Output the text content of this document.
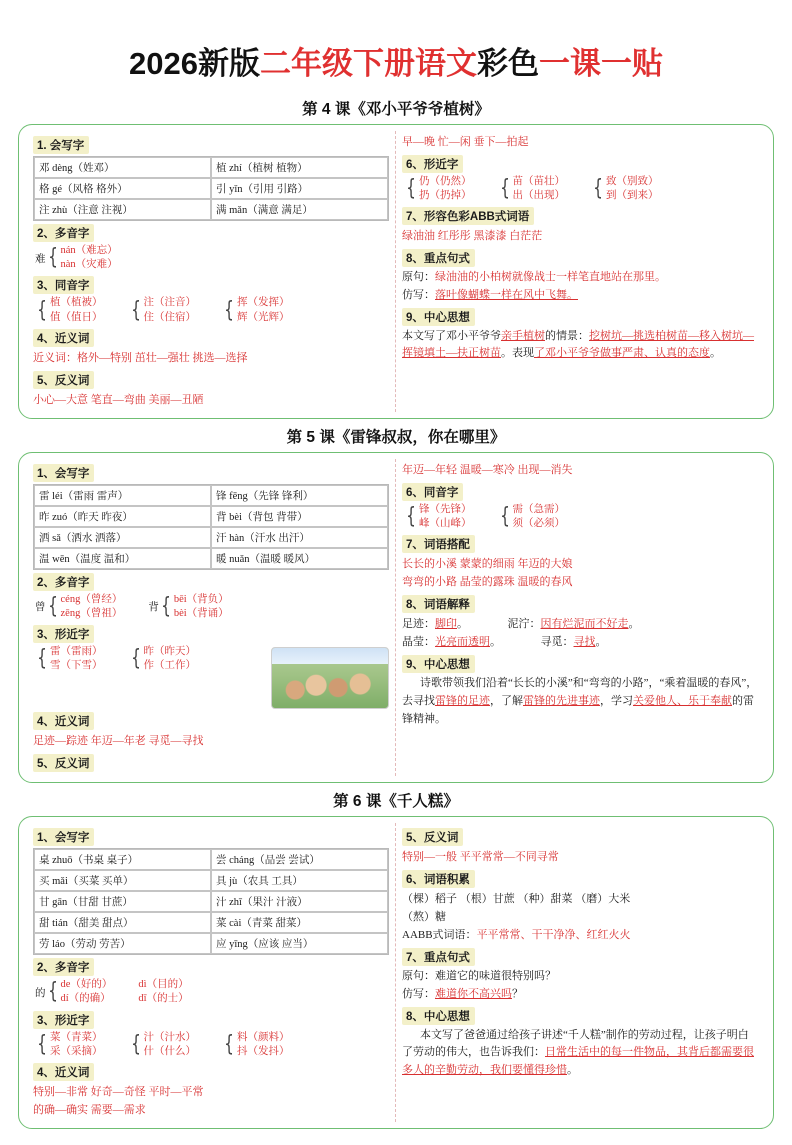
2026新版二年级下册语文彩色一课一贴
第 4 课《邓小平爷爷植树》
1. 会写字
邓 dèng（姓邓）	植 zhí（植树 植物）
格 gé（风格 格外）	引 yǐn（引用 引路）
注 zhù（注意 注视）	满 mǎn（满意 满足）
2、多音字
难 { nán（难忘）
nàn（灾难）
3、同音字
{ 植（植被）
值（值日） { 注（注音）
住（住宿） { 挥（发挥）
辉（光辉）
4、近义词
近义词：格外—特别 茁壮—强壮 挑选—选择
5、反义词
小心—大意 笔直—弯曲 美丽—丑陋
早—晚 忙—闲 垂下—拍起
6、形近字
{ 仍（仍然）
扔（扔掉） { 苗（苗壮）
出（出现） { 致（别致）
到（到来）
7、形容色彩ABB式词语
绿油油 红彤彤 黑漆漆 白茫茫
8、重点句式
原句：绿油油的小柏树就像战士一样笔直地站在那里。
仿写：落叶像蝴蝶一样在风中飞舞。
9、中心思想
本文写了邓小平爷爷亲手植树的情景：挖树坑—挑选柏树苗—移入树坑—挥镜填土—扶正树苗。表现了邓小平爷爷做事严肃、认真的态度。
第 5 课《雷锋叔叔，你在哪里》
1、会写字
雷 léi（雷雨 雷声）	锋 fēng（先锋 锋利）
昨 zuó（昨天 昨夜）	背 bèi（背包 背带）
洒 sǎ（洒水 洒落）	汗 hàn（汗水 出汗）
温 wēn（温度 温和）	暖 nuǎn（温暖 暖风）
2、多音字
曾 { céng（曾经）
zēng（曾祖） 背 { bēi（背负）
bèi（背诵）
3、形近字
{ 雷（雷雨）
雪（下雪） { 昨（昨天）
作（工作）
4、近义词
足迹—踪迹 年迈—年老 寻觅—寻找
5、反义词
年迈—年轻 温暖—寒冷 出现—消失
6、同音字
{ 锋（先锋）
峰（山峰） { 需（急需）
须（必须）
7、词语搭配
长长的小溪 蒙蒙的细雨 年迈的大娘
弯弯的小路 晶莹的露珠 温暖的春风
8、词语解释
足迹：脚印。	泥泞：因有烂泥而不好走。
晶莹：光亮而透明。	寻觅：寻找。
9、中心思想
诗歌带领我们沿着“长长的小溪”和“弯弯的小路”，“乘着温暖的春风”，去寻找雷锋的足迹，了解雷锋的先进事迹，学习关爱他人、乐于奉献的雷锋精神。
第 6 课《千人糕》
1、会写字
桌 zhuō（书桌 桌子）	尝 cháng（品尝 尝试）
买 mǎi（买菜 买单）	具 jù（农具 工具）
甘 gān（甘甜 甘蔗）	汁 zhī（果汁 汁液）
甜 tián（甜美 甜点）	菜 cài（青菜 甜菜）
劳 láo（劳动 劳苦）	应 yīng（应该 应当）
2、多音字
的 { de（好的）
dí（的确）
dì（目的）
dī（的士）
3、形近字
{ 菜（青菜）
采（采摘） { 汁（汁水）
什（什么） { 料（颜料）
抖（发抖）
4、近义词
特别—非常 好奇—奇怪 平时—平常
的确—确实 需要—需求
5、反义词
特别—一般 平平常常—不同寻常
6、词语积累
（棵）稻子 （根）甘蔗 （种）甜菜 （磨）大米
（熬）糖
AABB式词语：平平常常、干干净净、红红火火
7、重点句式
原句：难道它的味道很特别吗？
仿写：难道你不高兴吗？
8、中心思想
本文写了爸爸通过给孩子讲述“千人糕”制作的劳动过程，让孩子明白了劳动的伟大，也告诉我们：日常生活中的每一件物品，其背后都需要很多人的辛勤劳动，我们要懂得珍惜。
